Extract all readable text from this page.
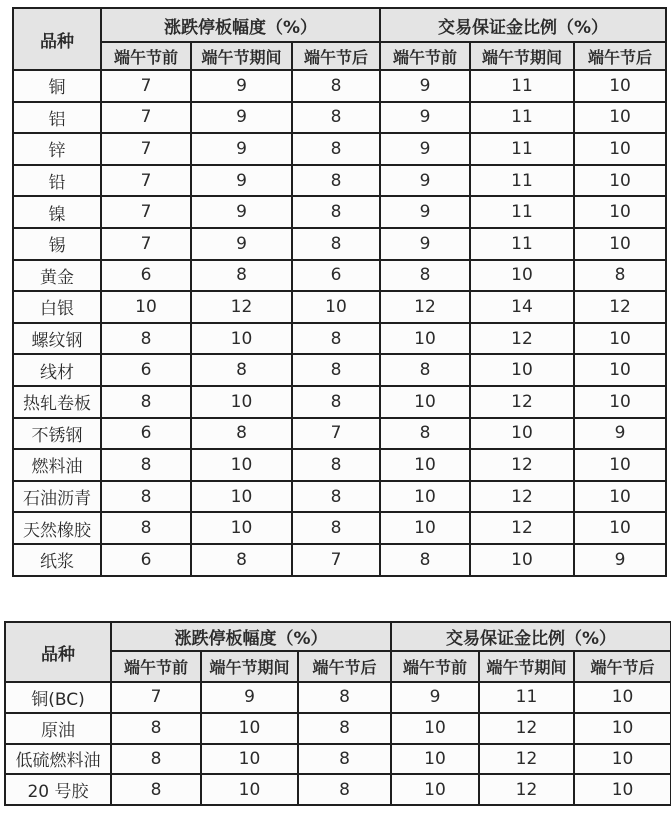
品种	涨跌停板幅度（%）			交易保证金比例（%）		
	端午节前	端午节期间	端午节后	端午节前	端午节期间	端午节后
铜	7	9	8	9	11	10
铝	7	9	8	9	11	10
锌	7	9	8	9	11	10
铅	7	9	8	9	11	10
镍	7	9	8	9	11	10
锡	7	9	8	9	11	10
黄金	6	8	6	8	10	8
白银	10	12	10	12	14	12
螺纹钢	8	10	8	10	12	10
线材	6	8	8	8	10	10
热轧卷板	8	10	8	10	12	10
不锈钢	6	8	7	8	10	9
燃料油	8	10	8	10	12	10
石油沥青	8	10	8	10	12	10
天然橡胶	8	10	8	10	12	10
纸浆	6	8	7	8	10	9
品种	涨跌停板幅度（%）			交易保证金比例（%）		
	端午节前	端午节期间	端午节后	端午节前	端午节期间	端午节后
铜(BC)	7	9	8	9	11	10
原油	8	10	8	10	12	10
低硫燃料油	8	10	8	10	12	10
20 号胶	8	10	8	10	12	10
